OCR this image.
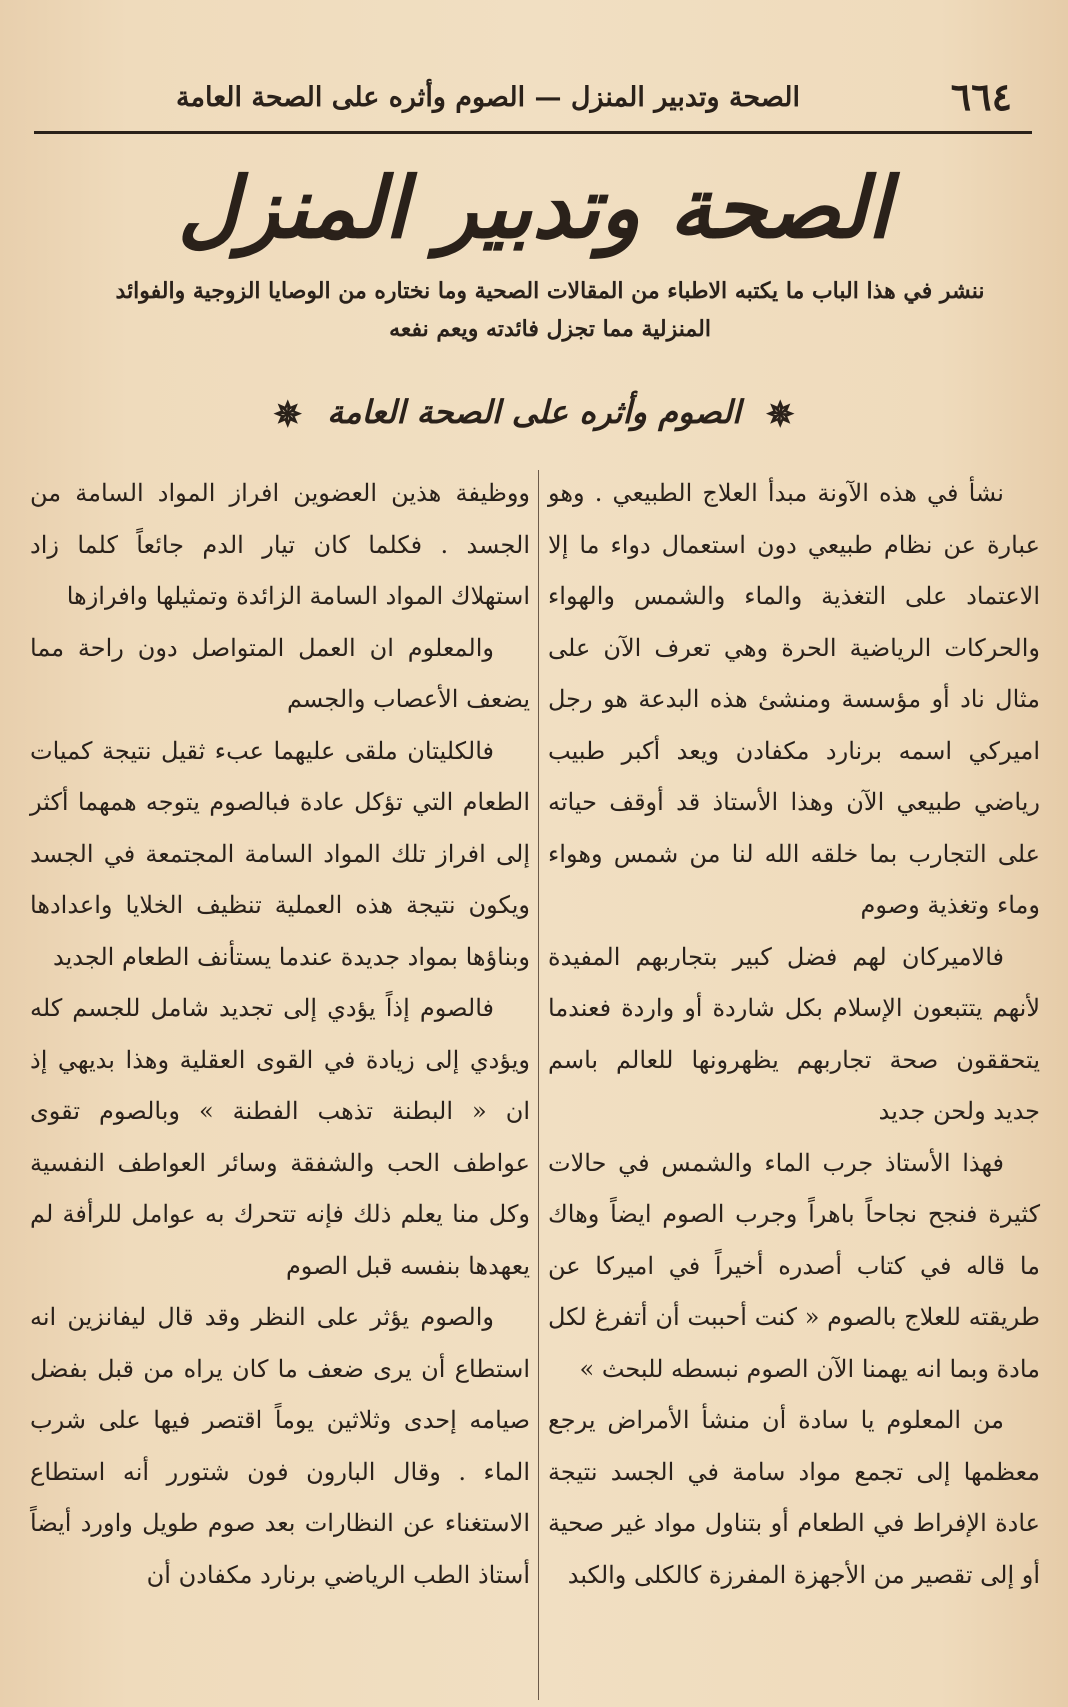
٦٦٤
الصحة وتدبير المنزل — الصوم وأثره على الصحة العامة
الصحة وتدبير المنزل
ننشر في هذا الباب ما يكتبه الاطباء من المقالات الصحية وما نختاره من الوصايا الزوجية والفوائد المنزلية مما تجزل فائدته ويعم نفعه
✵ الصوم وأثره على الصحة العامة ✵

نشأ في هذه الآونة مبدأ العلاج الطبيعي . وهو عبارة عن نظام طبيعي دون استعمال دواء ما إلا الاعتماد على التغذية والماء والشمس والهواء والحركات الرياضية الحرة وهي تعرف الآن على مثال ناد أو مؤسسة ومنشئ هذه البدعة هو رجل اميركي اسمه برنارد مكفادن ويعد أكبر طبيب رياضي طبيعي الآن وهذا الأستاذ قد أوقف حياته على التجارب بما خلقه الله لنا من شمس وهواء وماء وتغذية وصوم

فالاميركان لهم فضل كبير بتجاربهم المفيدة لأنهم يتتبعون الإسلام بكل شاردة أو واردة فعندما يتحققون صحة تجاربهم يظهرونها للعالم باسم جديد ولحن جديد

فهذا الأستاذ جرب الماء والشمس في حالات كثيرة فنجح نجاحاً باهراً وجرب الصوم ايضاً وهاك ما قاله في كتاب أصدره أخيراً في اميركا عن طريقته للعلاج بالصوم « كنت أحببت أن أتفرغ لكل مادة وبما انه يهمنا الآن الصوم نبسطه للبحث »

من المعلوم يا سادة أن منشأ الأمراض يرجع معظمها إلى تجمع مواد سامة في الجسد نتيجة عادة الإفراط في الطعام أو بتناول مواد غير صحية أو إلى تقصير من الأجهزة المفرزة كالكلى والكبد

ووظيفة هذين العضوين افراز المواد السامة من الجسد . فكلما كان تيار الدم جائعاً كلما زاد استهلاك المواد السامة الزائدة وتمثيلها وافرازها

والمعلوم ان العمل المتواصل دون راحة مما يضعف الأعصاب والجسم

فالكليتان ملقى عليهما عبء ثقيل نتيجة كميات الطعام التي تؤكل عادة فبالصوم يتوجه همهما أكثر إلى افراز تلك المواد السامة المجتمعة في الجسد ويكون نتيجة هذه العملية تنظيف الخلايا واعدادها وبناؤها بمواد جديدة عندما يستأنف الطعام الجديد

فالصوم إذاً يؤدي إلى تجديد شامل للجسم كله ويؤدي إلى زيادة في القوى العقلية وهذا بديهي إذ ان « البطنة تذهب الفطنة » وبالصوم تقوى عواطف الحب والشفقة وسائر العواطف النفسية وكل منا يعلم ذلك فإنه تتحرك به عوامل للرأفة لم يعهدها بنفسه قبل الصوم

والصوم يؤثر على النظر وقد قال ليفانزين انه استطاع أن يرى ضعف ما كان يراه من قبل بفضل صيامه إحدى وثلاثين يوماً اقتصر فيها على شرب الماء . وقال البارون فون شتورر أنه استطاع الاستغناء عن النظارات بعد صوم طويل واورد أيضاً أستاذ الطب الرياضي برنارد مكفادن أن
